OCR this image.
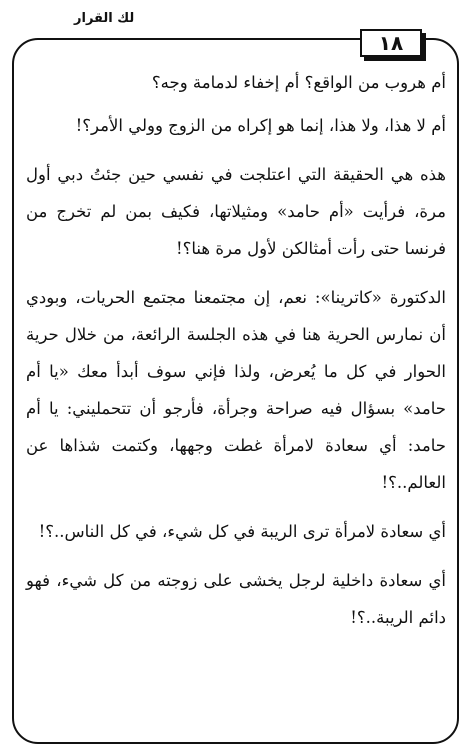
لك القرار
١٨

أم هروب من الواقع؟ أم إخفاء لدمامة وجه؟

أم لا هذا، ولا هذا، إنما هو إكراه من الزوج وولي الأمر؟!

هذه هي الحقيقة التي اعتلجت في نفسي حين جئتُ دبي أول مرة، فرأيت «أم حامد» ومثيلاتها، فكيف بمن لم تخرج من فرنسا حتى رأت أمثالكن لأول مرة هنا؟!

الدكتورة «كاترينا»: نعم، إن مجتمعنا مجتمع الحريات، وبودي أن نمارس الحرية هنا في هذه الجلسة الرائعة، من خلال حرية الحوار في كل ما يُعرض، ولذا فإني سوف أبدأ معك «يا أم حامد» بسؤال فيه صراحة وجرأة، فأرجو أن تتحمليني: يا أم حامد: أي سعادة لامرأة غطت وجهها، وكتمت شذاها عن العالم..؟!

أي سعادة لامرأة ترى الريبة في كل شيء، في كل الناس..؟!

أي سعادة داخلية لرجل يخشى على زوجته من كل شيء، فهو دائم الريبة..؟!
